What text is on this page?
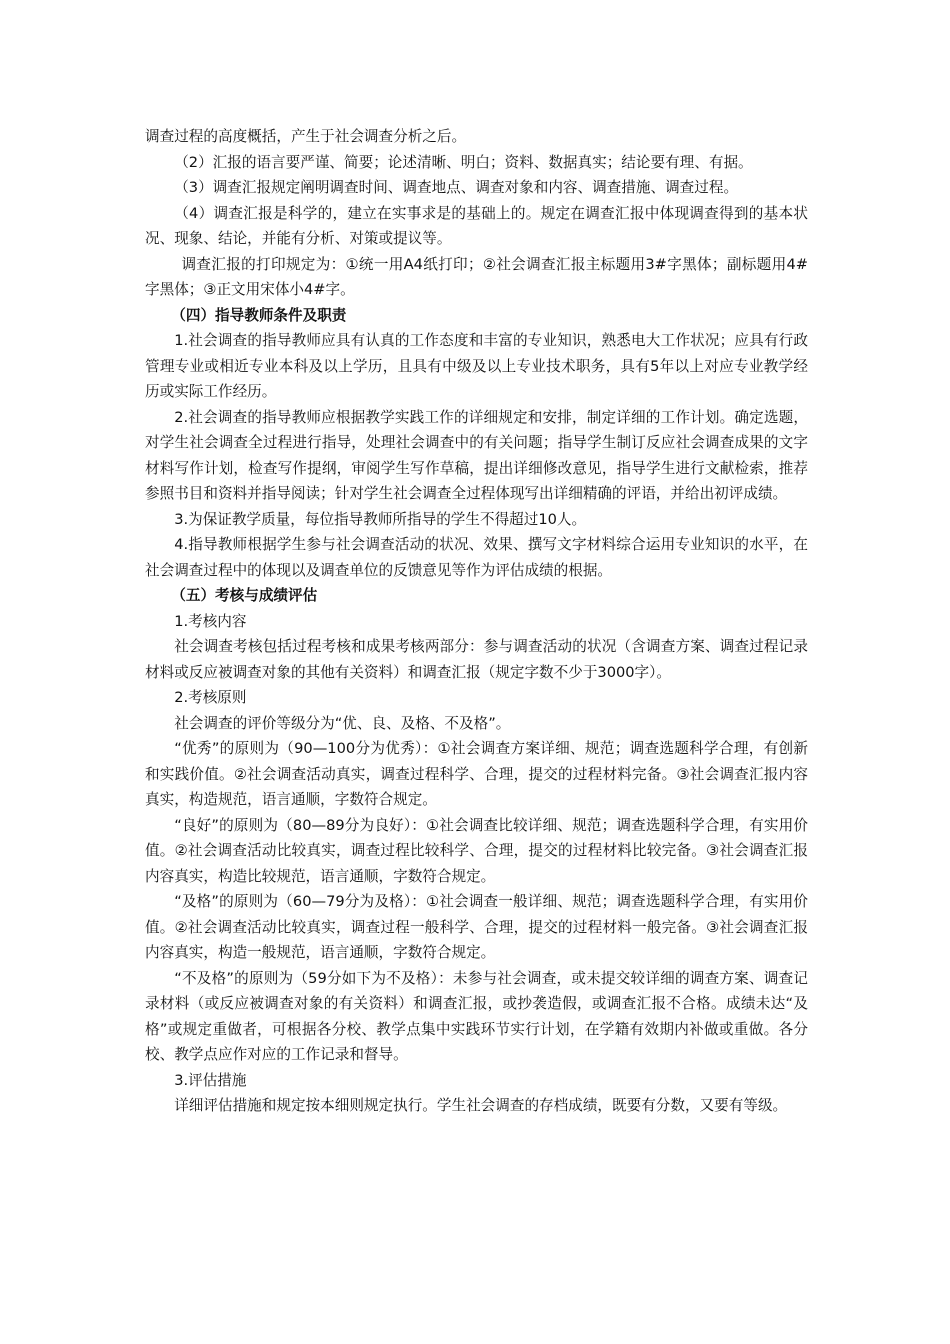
调查过程的高度概括，产生于社会调查分析之后。

（2）汇报的语言要严谨、简要；论述清晰、明白；资料、数据真实；结论要有理、有据。

（3）调查汇报规定阐明调查时间、调查地点、调查对象和内容、调查措施、调查过程。

（4）调查汇报是科学的，建立在实事求是的基础上的。规定在调查汇报中体现调查得到的基本状况、现象、结论，并能有分析、对策或提议等。

调查汇报的打印规定为：①统一用A4纸打印；②社会调查汇报主标题用3#字黑体；副标题用4#字黑体；③正文用宋体小4#字。

（四）指导教师条件及职责

1.社会调查的指导教师应具有认真的工作态度和丰富的专业知识，熟悉电大工作状况；应具有行政管理专业或相近专业本科及以上学历，且具有中级及以上专业技术职务，具有5年以上对应专业教学经历或实际工作经历。

2.社会调查的指导教师应根据教学实践工作的详细规定和安排，制定详细的工作计划。确定选题，对学生社会调查全过程进行指导，处理社会调查中的有关问题；指导学生制订反应社会调查成果的文字材料写作计划，检查写作提纲，审阅学生写作草稿，提出详细修改意见，指导学生进行文献检索，推荐参照书目和资料并指导阅读；针对学生社会调查全过程体现写出详细精确的评语，并给出初评成绩。

3.为保证教学质量，每位指导教师所指导的学生不得超过10人。

4.指导教师根据学生参与社会调查活动的状况、效果、撰写文字材料综合运用专业知识的水平，在社会调查过程中的体现以及调查单位的反馈意见等作为评估成绩的根据。

（五）考核与成绩评估

1.考核内容

社会调查考核包括过程考核和成果考核两部分：参与调查活动的状况（含调查方案、调查过程记录材料或反应被调查对象的其他有关资料）和调查汇报（规定字数不少于3000字）。

2.考核原则

社会调查的评价等级分为“优、良、及格、不及格”。

“优秀”的原则为（90—100分为优秀）：①社会调查方案详细、规范；调查选题科学合理，有创新和实践价值。②社会调查活动真实，调查过程科学、合理，提交的过程材料完备。③社会调查汇报内容真实，构造规范，语言通顺，字数符合规定。

“良好”的原则为（80—89分为良好）：①社会调查比较详细、规范；调查选题科学合理，有实用价值。②社会调查活动比较真实，调查过程比较科学、合理，提交的过程材料比较完备。③社会调查汇报内容真实，构造比较规范，语言通顺，字数符合规定。

“及格”的原则为（60—79分为及格）：①社会调查一般详细、规范；调查选题科学合理，有实用价值。②社会调查活动比较真实，调查过程一般科学、合理，提交的过程材料一般完备。③社会调查汇报内容真实，构造一般规范，语言通顺，字数符合规定。

“不及格”的原则为（59分如下为不及格）：未参与社会调查，或未提交较详细的调查方案、调查记录材料（或反应被调查对象的有关资料）和调查汇报，或抄袭造假，或调查汇报不合格。成绩未达“及格”或规定重做者，可根据各分校、教学点集中实践环节实行计划，在学籍有效期内补做或重做。各分校、教学点应作对应的工作记录和督导。

3.评估措施

详细评估措施和规定按本细则规定执行。学生社会调查的存档成绩，既要有分数，又要有等级。
